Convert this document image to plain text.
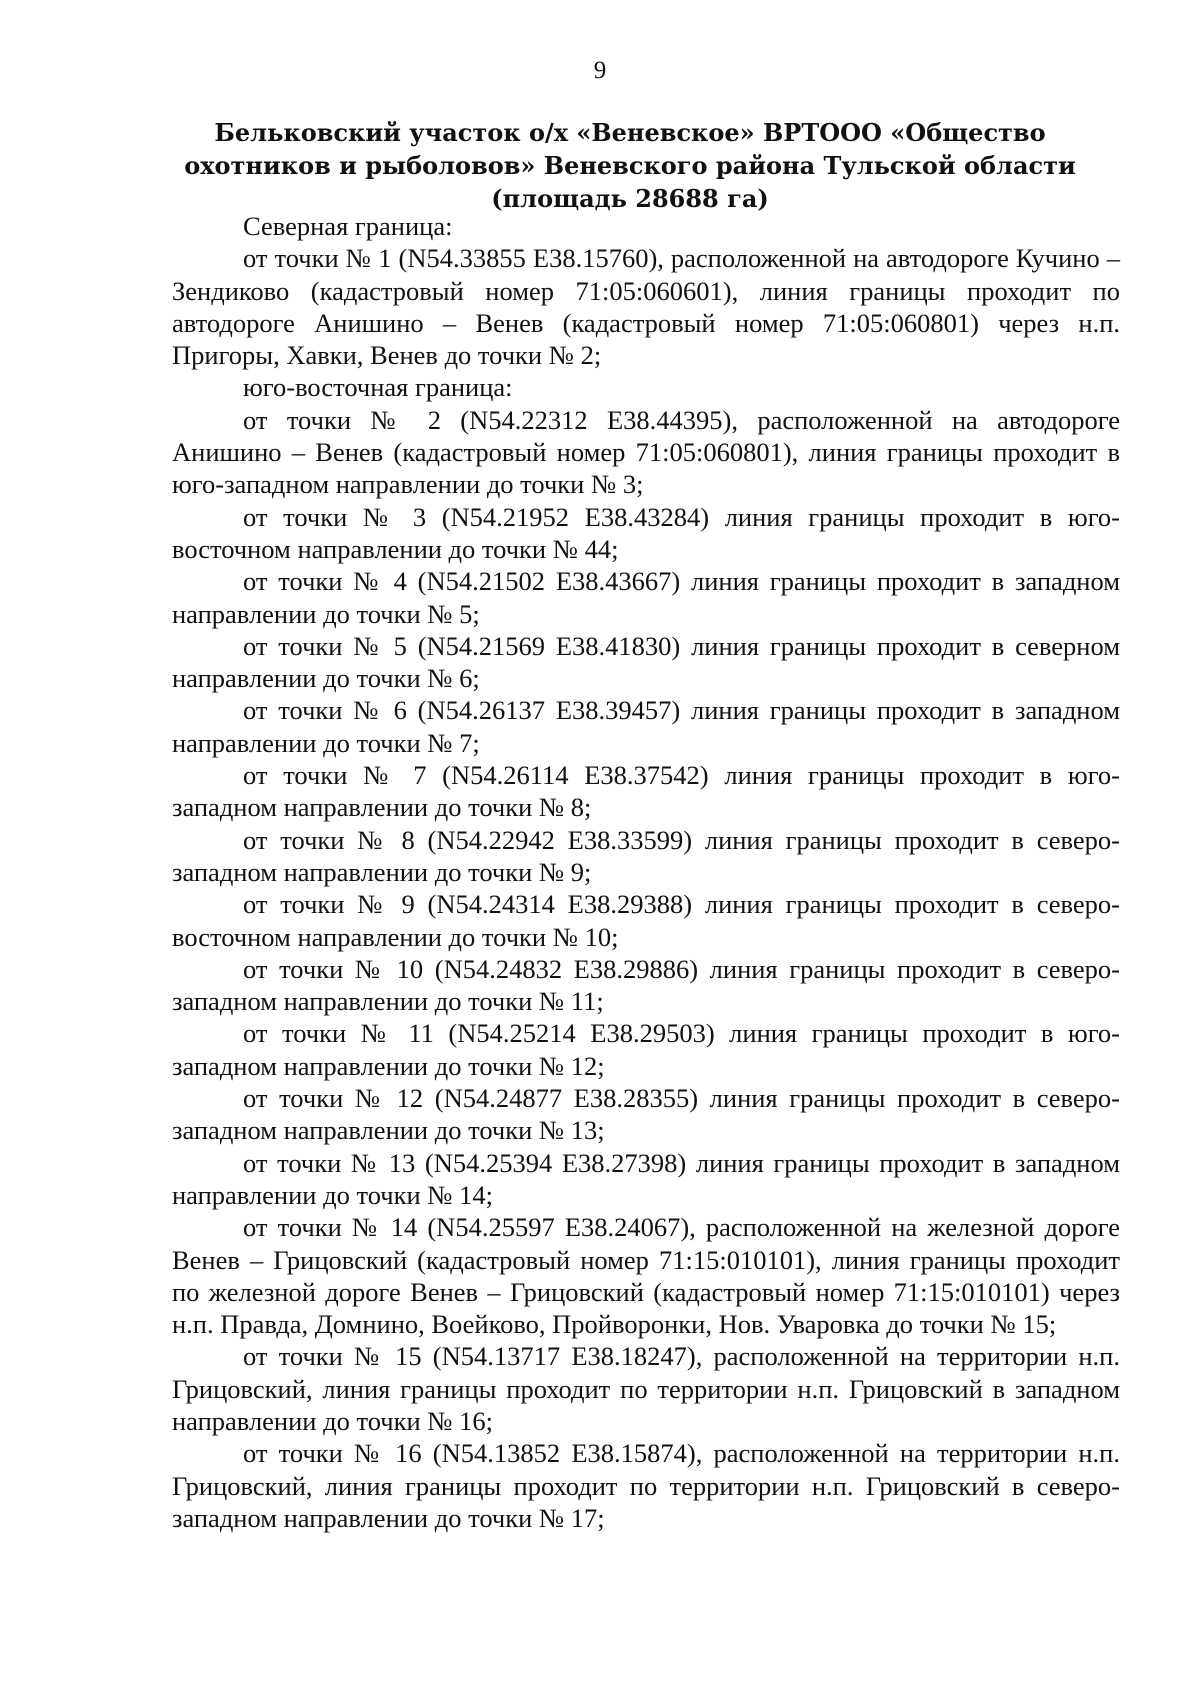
9
Бельковский участок о/х «Веневское» ВРТООО «Общество охотников и рыболовов» Веневского района Тульской области (площадь 28688 га)

Северная граница:

от точки № 1 (N54.33855 E38.15760), расположенной на автодороге Кучино – Зендиково (кадастровый номер 71:05:060601), линия границы проходит по автодороге Анишино – Венев (кадастровый номер 71:05:060801) через н.п. Пригоры, Хавки, Венев до точки № 2;

юго-восточная граница:

от точки № 2 (N54.22312 E38.44395), расположенной на автодороге Анишино – Венев (кадастровый номер 71:05:060801), линия границы проходит в юго-западном направлении до точки № 3;

от точки № 3 (N54.21952 E38.43284) линия границы проходит в юго-восточном направлении до точки № 44;

от точки № 4 (N54.21502 E38.43667) линия границы проходит в западном направлении до точки № 5;

от точки № 5 (N54.21569 E38.41830) линия границы проходит в северном направлении до точки № 6;

от точки № 6 (N54.26137 E38.39457) линия границы проходит в западном направлении до точки № 7;

от точки № 7 (N54.26114 E38.37542) линия границы проходит в юго-западном направлении до точки № 8;

от точки № 8 (N54.22942 E38.33599) линия границы проходит в северо-западном направлении до точки № 9;

от точки № 9 (N54.24314 E38.29388) линия границы проходит в северо-восточном направлении до точки № 10;

от точки № 10 (N54.24832 E38.29886) линия границы проходит в северо-западном направлении до точки № 11;

от точки № 11 (N54.25214 E38.29503) линия границы проходит в юго-западном направлении до точки № 12;

от точки № 12 (N54.24877 E38.28355) линия границы проходит в северо-западном направлении до точки № 13;

от точки № 13 (N54.25394 E38.27398) линия границы проходит в западном направлении до точки № 14;

от точки № 14 (N54.25597 E38.24067), расположенной на железной дороге Венев – Грицовский (кадастровый номер 71:15:010101), линия границы проходит по железной дороге Венев – Грицовский (кадастровый номер 71:15:010101) через н.п. Правда, Домнино, Воейково, Пройворонки, Нов. Уваровка до точки № 15;

от точки № 15 (N54.13717 E38.18247), расположенной на территории н.п. Грицовский, линия границы проходит по территории н.п. Грицовский в западном направлении до точки № 16;

от точки № 16 (N54.13852 E38.15874), расположенной на территории н.п. Грицовский, линия границы проходит по территории н.п. Грицовский в северо-западном направлении до точки № 17;
